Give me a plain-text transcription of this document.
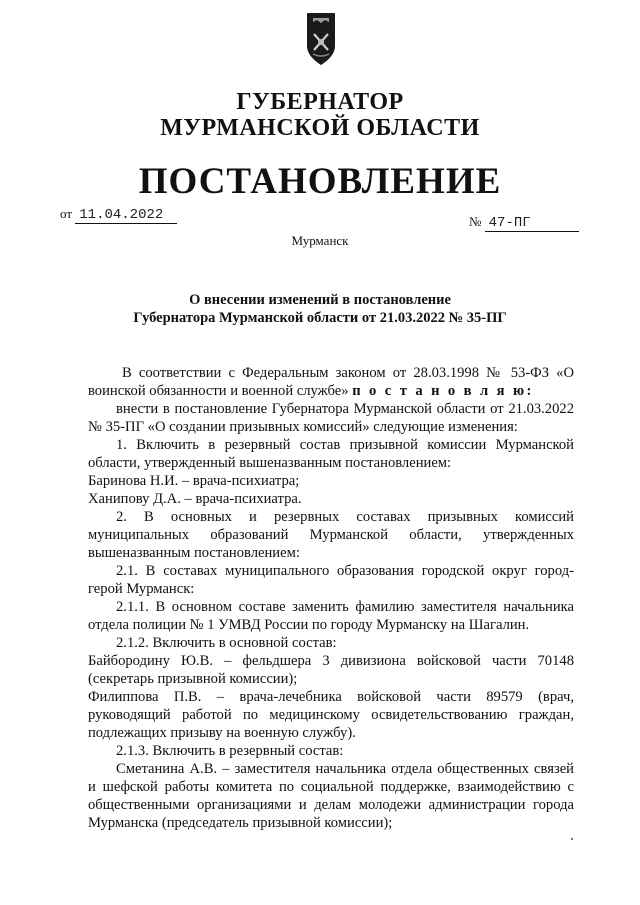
ГУБЕРНАТОР
МУРМАНСКОЙ ОБЛАСТИ
ПОСТАНОВЛЕНИЕ
от 11.04.2022	№ 47-ПГ
Мурманск
О внесении изменений в постановление
Губернатора Мурманской области от 21.03.2022 № 35-ПГ

В соответствии с Федеральным законом от 28.03.1998 № 53-ФЗ «О воинской обязанности и военной службе» п о с т а н о в л я ю:

внести в постановление Губернатора Мурманской области от 21.03.2022 № 35-ПГ «О создании призывных комиссий» следующие изменения:

1. Включить в резервный состав призывной комиссии Мурманской области, утвержденный вышеназванным постановлением:

Баринова Н.И. – врача-психиатра;

Ханипову Д.А. – врача-психиатра.

2. В основных и резервных составах призывных комиссий муниципальных образований Мурманской области, утвержденных вышеназванным постановлением:

2.1. В составах муниципального образования городской округ город-герой Мурманск:

2.1.1. В основном составе заменить фамилию заместителя начальника отдела полиции № 1 УМВД России по городу Мурманску на Шагалин.

2.1.2. Включить в основной состав:

Байбородину Ю.В. – фельдшера 3 дивизиона войсковой части 70148 (секретарь призывной комиссии);

Филиппова П.В. – врача-лечебника войсковой части 89579 (врач, руководящий работой по медицинскому освидетельствованию граждан, подлежащих призыву на военную службу).

2.1.3. Включить в резервный состав:

Сметанина А.В. – заместителя начальника отдела общественных связей и шефской работы комитета по социальной поддержке, взаимодействию с общественными организациями и делам молодежи администрации города Мурманска (председатель призывной комиссии);
